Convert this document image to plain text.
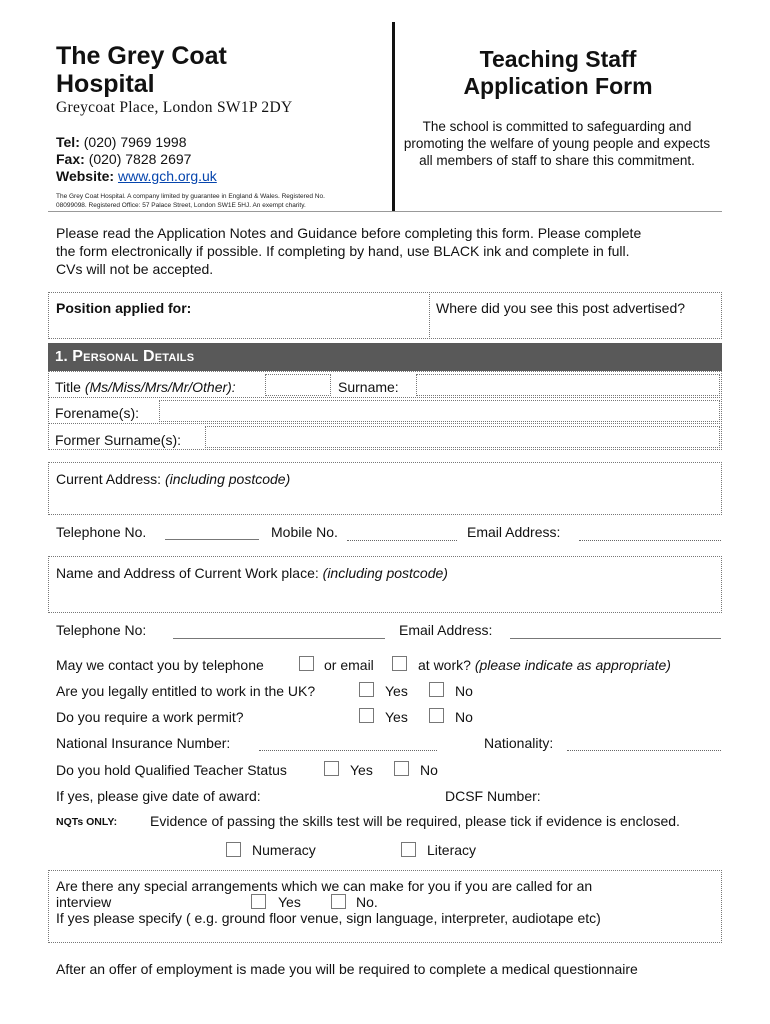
The Grey Coat
Hospital
Greycoat Place, London SW1P 2DY
Tel: (020) 7969 1998
Fax: (020) 7828 2697
Website: www.gch.org.uk
The Grey Coat Hospital. A company limited by guarantee in England & Wales. Registered No.
08099098. Registered Office: 57 Palace Street, London SW1E 5HJ. An exempt charity.
Teaching Staff
Application Form
The school is committed to safeguarding and promoting the welfare of young people and expects all members of staff to share this commitment.
Please read the Application Notes and Guidance before completing this form. Please complete
the form electronically if possible. If completing by hand, use BLACK ink and complete in full.
CVs will not be accepted.
Position applied for:	Where did you see this post advertised?
1. Personal Details
Title (Ms/Miss/Mrs/Mr/Other):	Surname:
Forename(s):
Former Surname(s):
Current Address: (including postcode)
Telephone No.	Mobile No.	Email Address:
Name and Address of Current Work place: (including postcode)
Telephone No:	Email Address:
May we contact you by telephone	or email	at work? (please indicate as appropriate)
Are you legally entitled to work in the UK?	Yes	No
Do you require a work permit?	Yes	No
National Insurance Number:	Nationality:
Do you hold Qualified Teacher Status	Yes	No
If yes, please give date of award:	DCSF Number:
NQTs ONLY: Evidence of passing the skills test will be required, please tick if evidence is enclosed.
Numeracy	Literacy
Are there any special arrangements which we can make for you if you are called for an
interview	Yes	No.
If yes please specify ( e.g. ground floor venue, sign language, interpreter, audiotape etc)
After an offer of employment is made you will be required to complete a medical questionnaire
